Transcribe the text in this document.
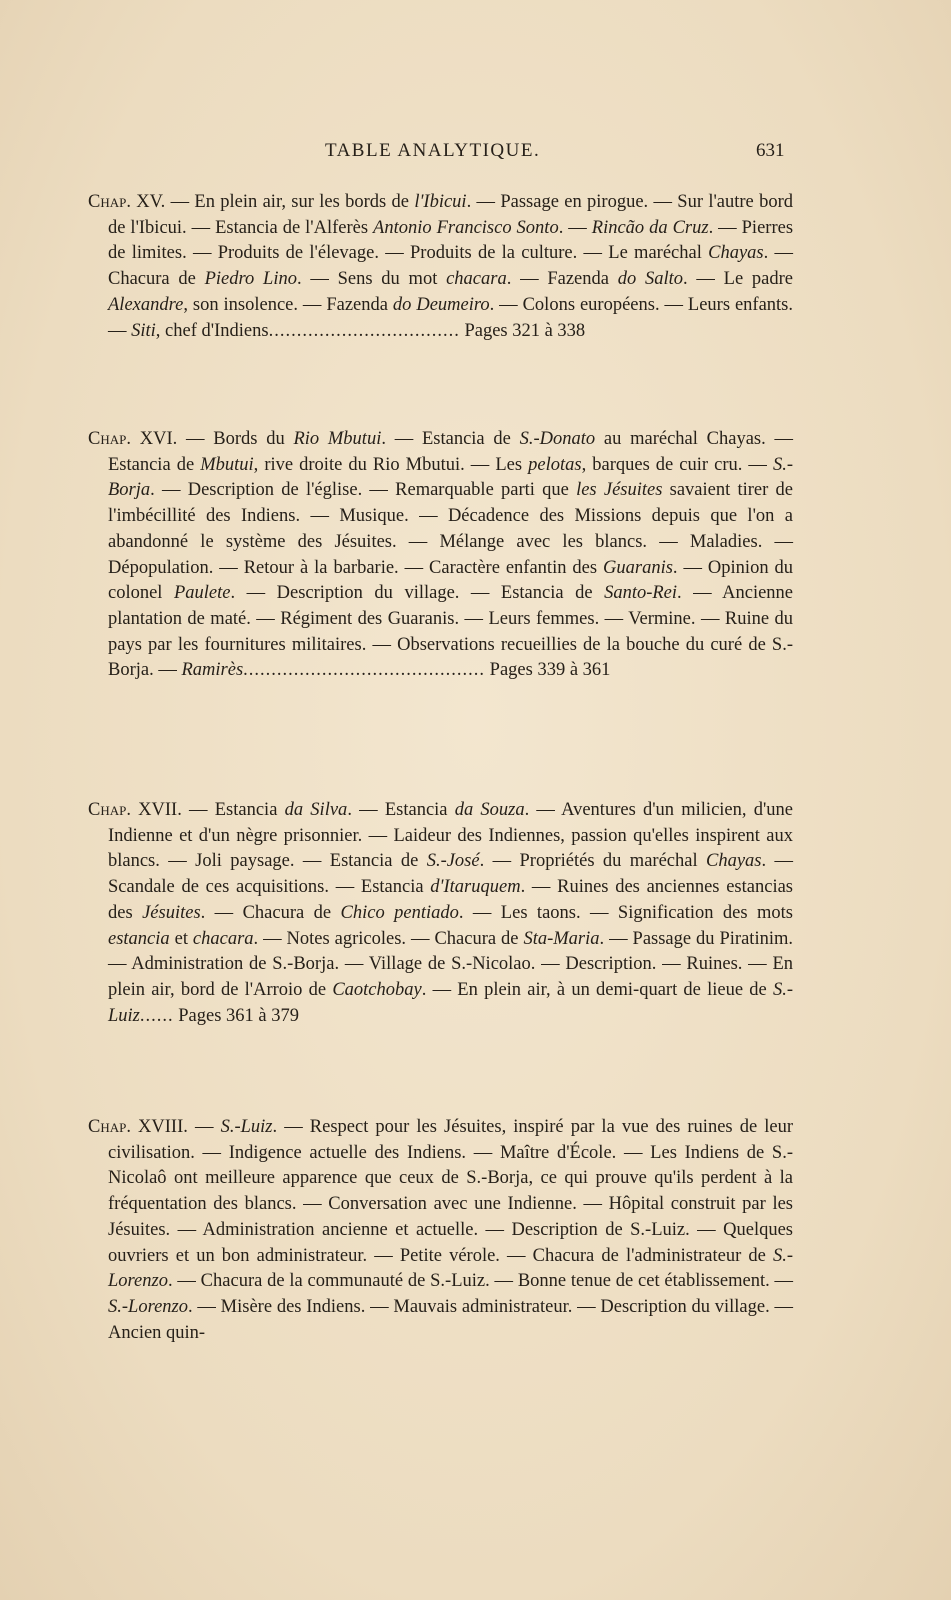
TABLE ANALYTIQUE.	631

Chap. XV. — En plein air, sur les bords de l'Ibicui. — Passage en pirogue. — Sur l'autre bord de l'Ibicui. — Estancia de l'Alferès Antonio Francisco Sonto. — Rincão da Cruz. — Pierres de limites. — Produits de l'élevage. — Produits de la culture. — Le maréchal Chayas. — Chacura de Piedro Lino. — Sens du mot chacara. — Fazenda do Salto. — Le padre Alexandre, son insolence. — Fazenda do Deumeiro. — Colons européens. — Leurs enfants. — Siti, chef d'Indiens.................................. Pages 321 à 338

Chap. XVI. — Bords du Rio Mbutui. — Estancia de S.-Donato au maréchal Chayas. — Estancia de Mbutui, rive droite du Rio Mbutui. — Les pelotas, barques de cuir cru. — S.-Borja. — Description de l'église. — Remarquable parti que les Jésuites savaient tirer de l'imbécillité des Indiens. — Musique. — Décadence des Missions depuis que l'on a abandonné le système des Jésuites. — Mélange avec les blancs. — Maladies. — Dépopulation. — Retour à la barbarie. — Caractère enfantin des Guaranis. — Opinion du colonel Paulete. — Description du village. — Estancia de Santo-Rei. — Ancienne plantation de maté. — Régiment des Guaranis. — Leurs femmes. — Vermine. — Ruine du pays par les fournitures militaires. — Observations recueillies de la bouche du curé de S.-Borja. — Ramirès........................................... Pages 339 à 361

Chap. XVII. — Estancia da Silva. — Estancia da Souza. — Aventures d'un milicien, d'une Indienne et d'un nègre prisonnier. — Laideur des Indiennes, passion qu'elles inspirent aux blancs. — Joli paysage. — Estancia de S.-José. — Propriétés du maréchal Chayas. — Scandale de ces acquisitions. — Estancia d'Itaruquem. — Ruines des anciennes estancias des Jésuites. — Chacura de Chico pentiado. — Les taons. — Signification des mots estancia et chacara. — Notes agricoles. — Chacura de Sta-Maria. — Passage du Piratinim. — Administration de S.-Borja. — Village de S.-Nicolao. — Description. — Ruines. — En plein air, bord de l'Arroio de Caotchobay. — En plein air, à un demi-quart de lieue de S.-Luiz...... Pages 361 à 379

Chap. XVIII. — S.-Luiz. — Respect pour les Jésuites, inspiré par la vue des ruines de leur civilisation. — Indigence actuelle des Indiens. — Maître d'École. — Les Indiens de S.-Nicolaô ont meilleure apparence que ceux de S.-Borja, ce qui prouve qu'ils perdent à la fréquentation des blancs. — Conversation avec une Indienne. — Hôpital construit par les Jésuites. — Administration ancienne et actuelle. — Description de S.-Luiz. — Quelques ouvriers et un bon administrateur. — Petite vérole. — Chacura de l'administrateur de S.-Lorenzo. — Chacura de la communauté de S.-Luiz. — Bonne tenue de cet établissement. — S.-Lorenzo. — Misère des Indiens. — Mauvais administrateur. — Description du village. — Ancien quin-
